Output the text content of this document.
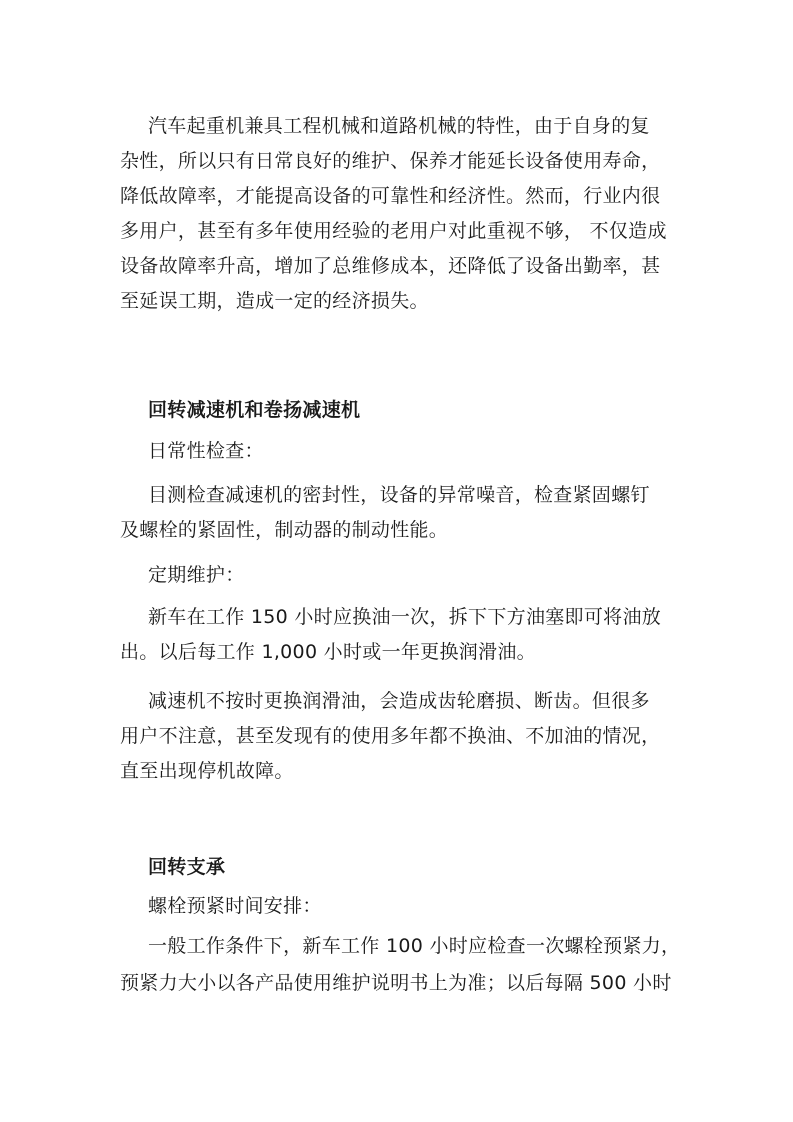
汽车起重机兼具工程机械和道路机械的特性，由于自身的复
杂性，所以只有日常良好的维护、保养才能延长设备使用寿命，
降低故障率，才能提高设备的可靠性和经济性。然而，行业内很
多用户，甚至有多年使用经验的老用户对此重视不够， 不仅造成
设备故障率升高，增加了总维修成本，还降低了设备出勤率，甚
至延误工期，造成一定的经济损失。
回转减速机和卷扬减速机
日常性检查：
目测检查减速机的密封性，设备的异常噪音，检查紧固螺钉
及螺栓的紧固性，制动器的制动性能。
定期维护：
新车在工作 150 小时应换油一次，拆下下方油塞即可将油放
出。以后每工作 1,000 小时或一年更换润滑油。
减速机不按时更换润滑油，会造成齿轮磨损、断齿。但很多
用户不注意，甚至发现有的使用多年都不换油、不加油的情况，
直至出现停机故障。
回转支承
螺栓预紧时间安排：
一般工作条件下，新车工作 100 小时应检查一次螺栓预紧力，
预紧力大小以各产品使用维护说明书上为准；以后每隔 500 小时
